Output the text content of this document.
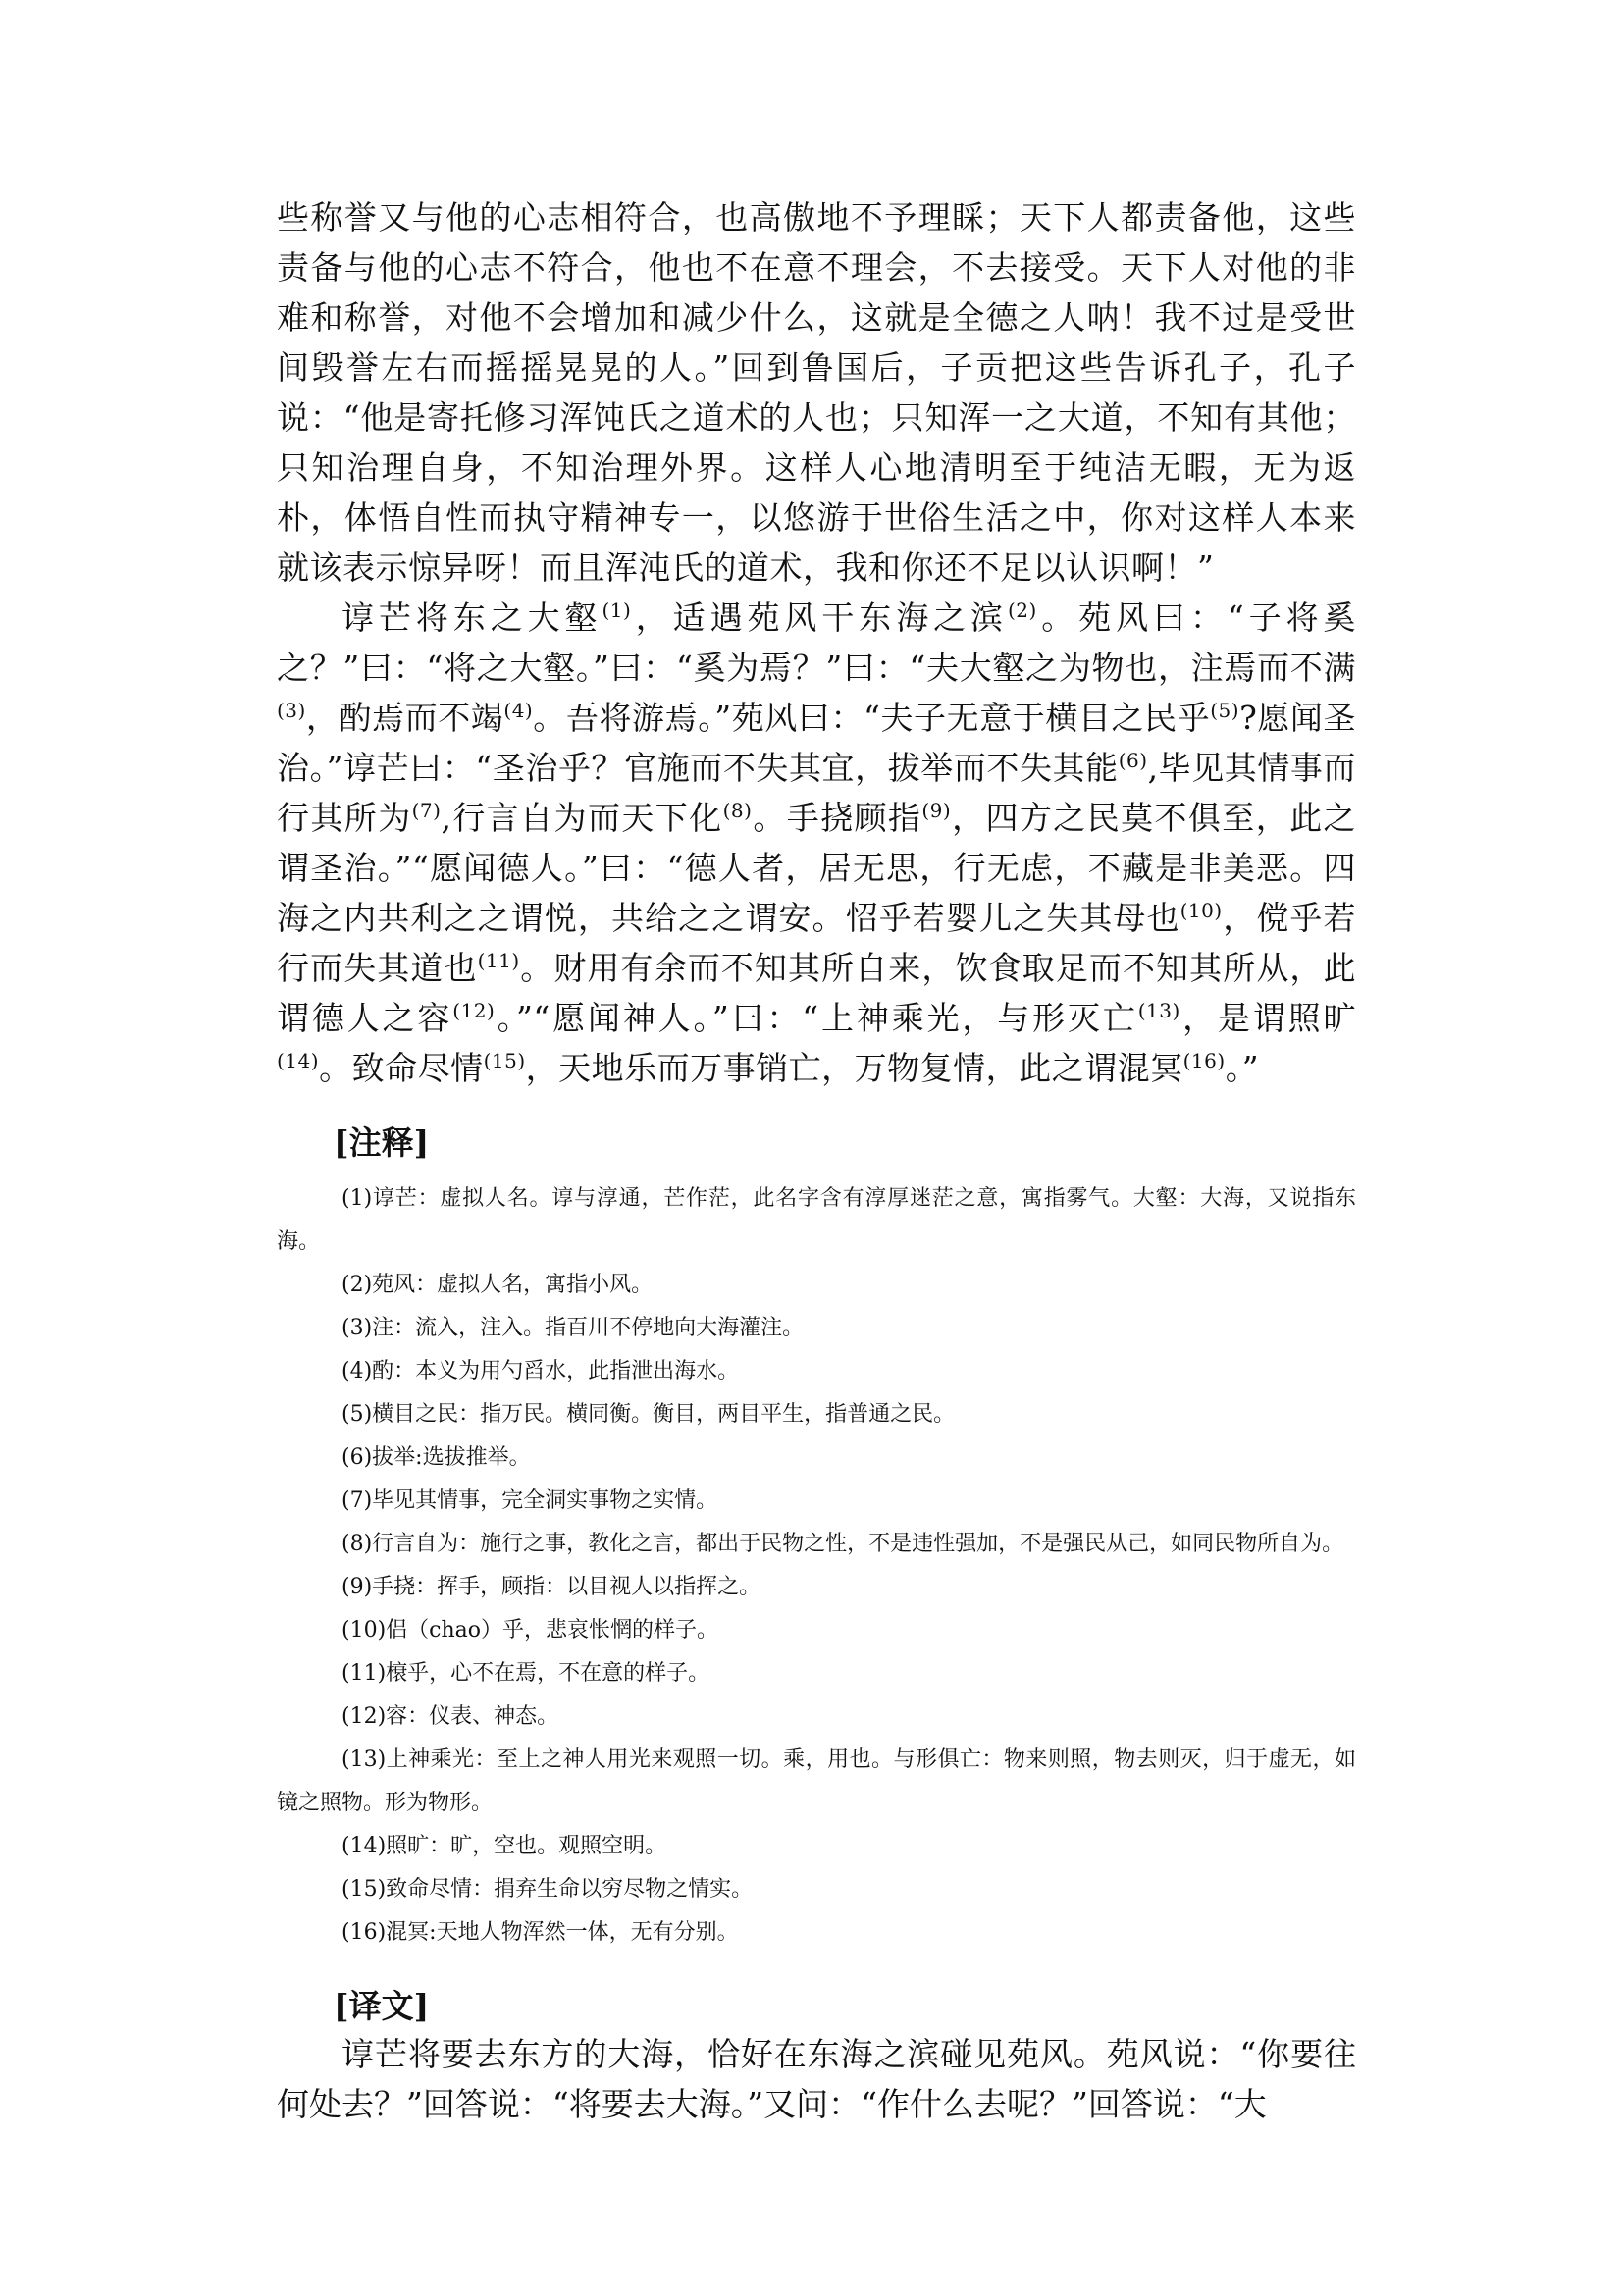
些称誉又与他的心志相符合，也高傲地不予理睬；天下人都责备他，这些责备与他的心志不符合，他也不在意不理会，不去接受。天下人对他的非难和称誉，对他不会增加和减少什么，这就是全德之人呐！我不过是受世间毁誉左右而摇摇晃晃的人。”回到鲁国后，子贡把这些告诉孔子，孔子说：“他是寄托修习浑饨氏之道术的人也；只知浑一之大道，不知有其他；只知治理自身，不知治理外界。这样人心地清明至于纯洁无暇，无为返朴，体悟自性而执守精神专一，以悠游于世俗生活之中，你对这样人本来就该表示惊异呀！而且浑沌氏的道术，我和你还不足以认识啊！”

谆芒将东之大壑$^{(1)}$，适遇苑风干东海之滨$^{(2)}$。苑风曰：“子将奚之？”曰：“将之大壑。”曰：“奚为焉？”曰：“夫大壑之为物也，注焉而不满$^{(3)}$，酌焉而不竭$^{(4)}$。吾将游焉。”苑风曰：“夫子无意于横目之民乎$^{(5)}$?愿闻圣治。”谆芒曰：“圣治乎？官施而不失其宜，拔举而不失其能$^{(6)}$,毕见其情事而行其所为$^{(7)}$,行言自为而天下化$^{(8)}$。手挠顾指$^{(9)}$，四方之民莫不俱至，此之谓圣治。”“愿闻德人。”曰：“德人者，居无思，行无虑，不藏是非美恶。四海之内共利之之谓悦，共给之之谓安。怊乎若婴儿之失其母也$^{(10)}$，傥乎若行而失其道也$^{(11)}$。财用有余而不知其所自来，饮食取足而不知其所从，此谓德人之容$^{(12)}$。”“愿闻神人。”曰：“上神乘光，与形灭亡$^{(13)}$，是谓照旷$^{(14)}$。致命尽情$^{(15)}$，天地乐而万事销亡，万物复情，此之谓混冥$^{(16)}$。”

[注释]

(1)谆芒：虚拟人名。谆与淳通，芒作茫，此名字含有淳厚迷茫之意，寓指雾气。大壑：大海，又说指东海。

(2)苑风：虚拟人名，寓指小风。

(3)注：流入，注入。指百川不停地向大海灌注。

(4)酌：本义为用勺舀水，此指泄出海水。

(5)横目之民：指万民。横同衡。衡目，两目平生，指普通之民。

(6)拔举:选拔推举。

(7)毕见其情事，完全洞实事物之实情。

(8)行言自为：施行之事，教化之言，都出于民物之性，不是违性强加，不是强民从己，如同民物所自为。

(9)手挠：挥手，顾指：以目视人以指挥之。

(10)侣（chao）乎，悲哀怅惘的样子。

(11)榱乎，心不在焉，不在意的样子。

(12)容：仪表、神态。

(13)上神乘光：至上之神人用光来观照一切。乘，用也。与形俱亡：物来则照，物去则灭，归于虚无，如镜之照物。形为物形。

(14)照旷：旷，空也。观照空明。

(15)致命尽情：捐弃生命以穷尽物之情实。

(16)混冥:天地人物浑然一体，无有分别。

[译文]

谆芒将要去东方的大海，恰好在东海之滨碰见苑风。苑风说：“你要往何处去？”回答说：“将要去大海。”又问：“作什么去呢？”回答说：“大
